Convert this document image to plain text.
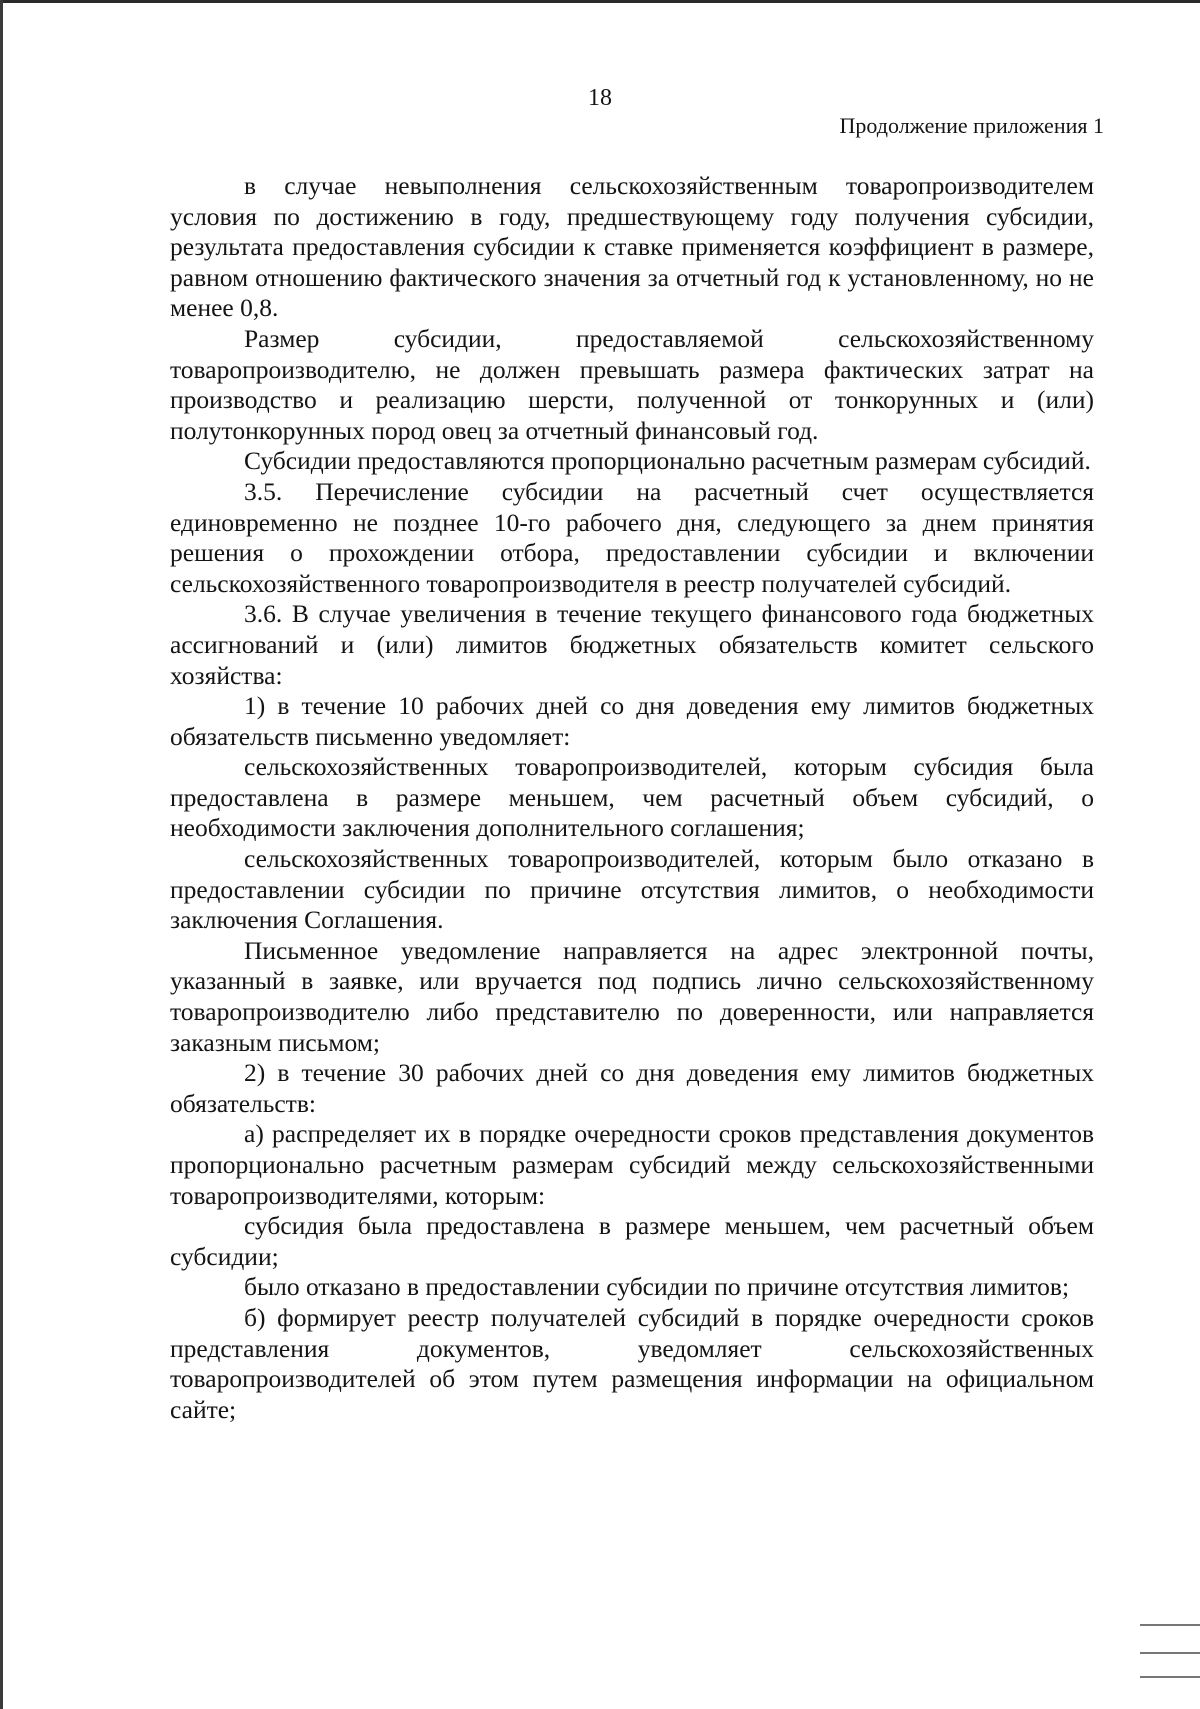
18
Продолжение приложения 1

в случае невыполнения сельскохозяйственным товаропроизводителем условия по достижению в году, предшествующему году получения субсидии, результата предоставления субсидии к ставке применяется коэффициент в размере, равном отношению фактического значения за отчетный год к установленному, но не менее 0,8.

Размер субсидии, предоставляемой сельскохозяйственному товаропроизводителю, не должен превышать размера фактических затрат на производство и реализацию шерсти, полученной от тонкорунных и (или) полутонкорунных пород овец за отчетный финансовый год.

Субсидии предоставляются пропорционально расчетным размерам субсидий.

3.5. Перечисление субсидии на расчетный счет осуществляется единовременно не позднее 10-го рабочего дня, следующего за днем принятия решения о прохождении отбора, предоставлении субсидии и включении сельскохозяйственного товаропроизводителя в реестр получателей субсидий.

3.6. В случае увеличения в течение текущего финансового года бюджетных ассигнований и (или) лимитов бюджетных обязательств комитет сельского хозяйства:

1) в течение 10 рабочих дней со дня доведения ему лимитов бюджетных обязательств письменно уведомляет:

сельскохозяйственных товаропроизводителей, которым субсидия была предоставлена в размере меньшем, чем расчетный объем субсидий, о необходимости заключения дополнительного соглашения;

сельскохозяйственных товаропроизводителей, которым было отказано в предоставлении субсидии по причине отсутствия лимитов, о необходимости заключения Соглашения.

Письменное уведомление направляется на адрес электронной почты, указанный в заявке, или вручается под подпись лично сельскохозяйственному товаропроизводителю либо представителю по доверенности, или направляется заказным письмом;

2) в течение 30 рабочих дней со дня доведения ему лимитов бюджетных обязательств:

а) распределяет их в порядке очередности сроков представления документов пропорционально расчетным размерам субсидий между сельскохозяйственными товаропроизводителями, которым:

субсидия была предоставлена в размере меньшем, чем расчетный объем субсидии;

было отказано в предоставлении субсидии по причине отсутствия лимитов;

б) формирует реестр получателей субсидий в порядке очередности сроков представления документов, уведомляет сельскохозяйственных товаропроизводителей об этом путем размещения информации на официальном сайте;
